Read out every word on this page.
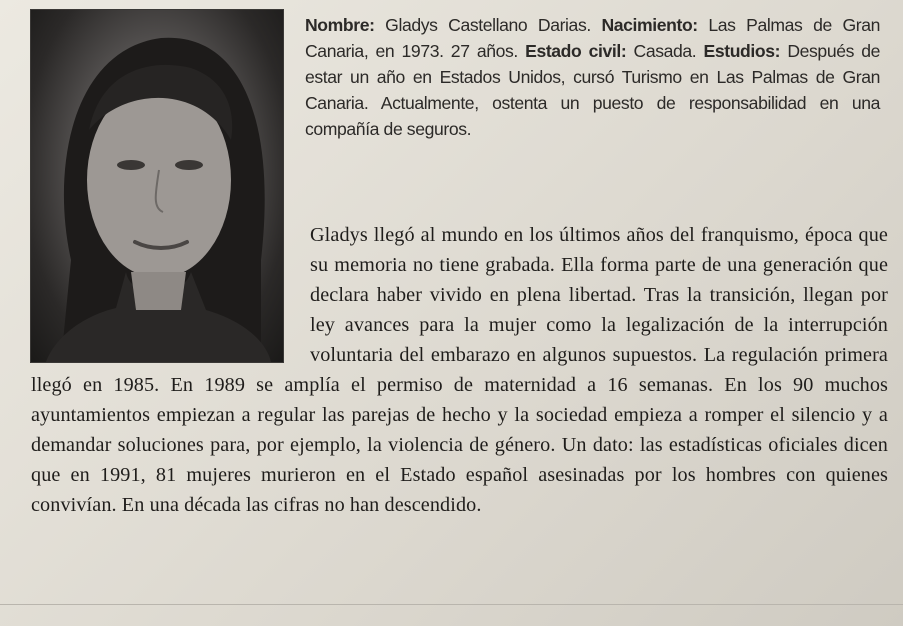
Nombre: Gladys Castellano Darias. Nacimiento: Las Palmas de Gran Canaria, en 1973. 27 años. Estado civil: Casada. Estudios: Después de estar un año en Estados Unidos, cursó Turismo en Las Palmas de Gran Canaria. Actualmente, ostenta un puesto de responsabilidad en una compañía de seguros.
Gladys llegó al mundo en los últimos años del franquismo, época que su memoria no tiene grabada. Ella forma parte de una generación que declara haber vivido en plena libertad. Tras la transición, llegan por ley avances para la mujer como la legalización de la interrupción voluntaria del embarazo en algunos supuestos. La regulación primera llegó en 1985. En 1989 se amplía el permiso de maternidad a 16 semanas. En los 90 muchos ayuntamientos empiezan a regular las parejas de hecho y la sociedad empieza a romper el silencio y a demandar soluciones para, por ejemplo, la violencia de género. Un dato: las estadísticas oficiales dicen que en 1991, 81 mujeres murieron en el Estado español asesinadas por los hombres con quienes convivían. En una década las cifras no han descendido.
